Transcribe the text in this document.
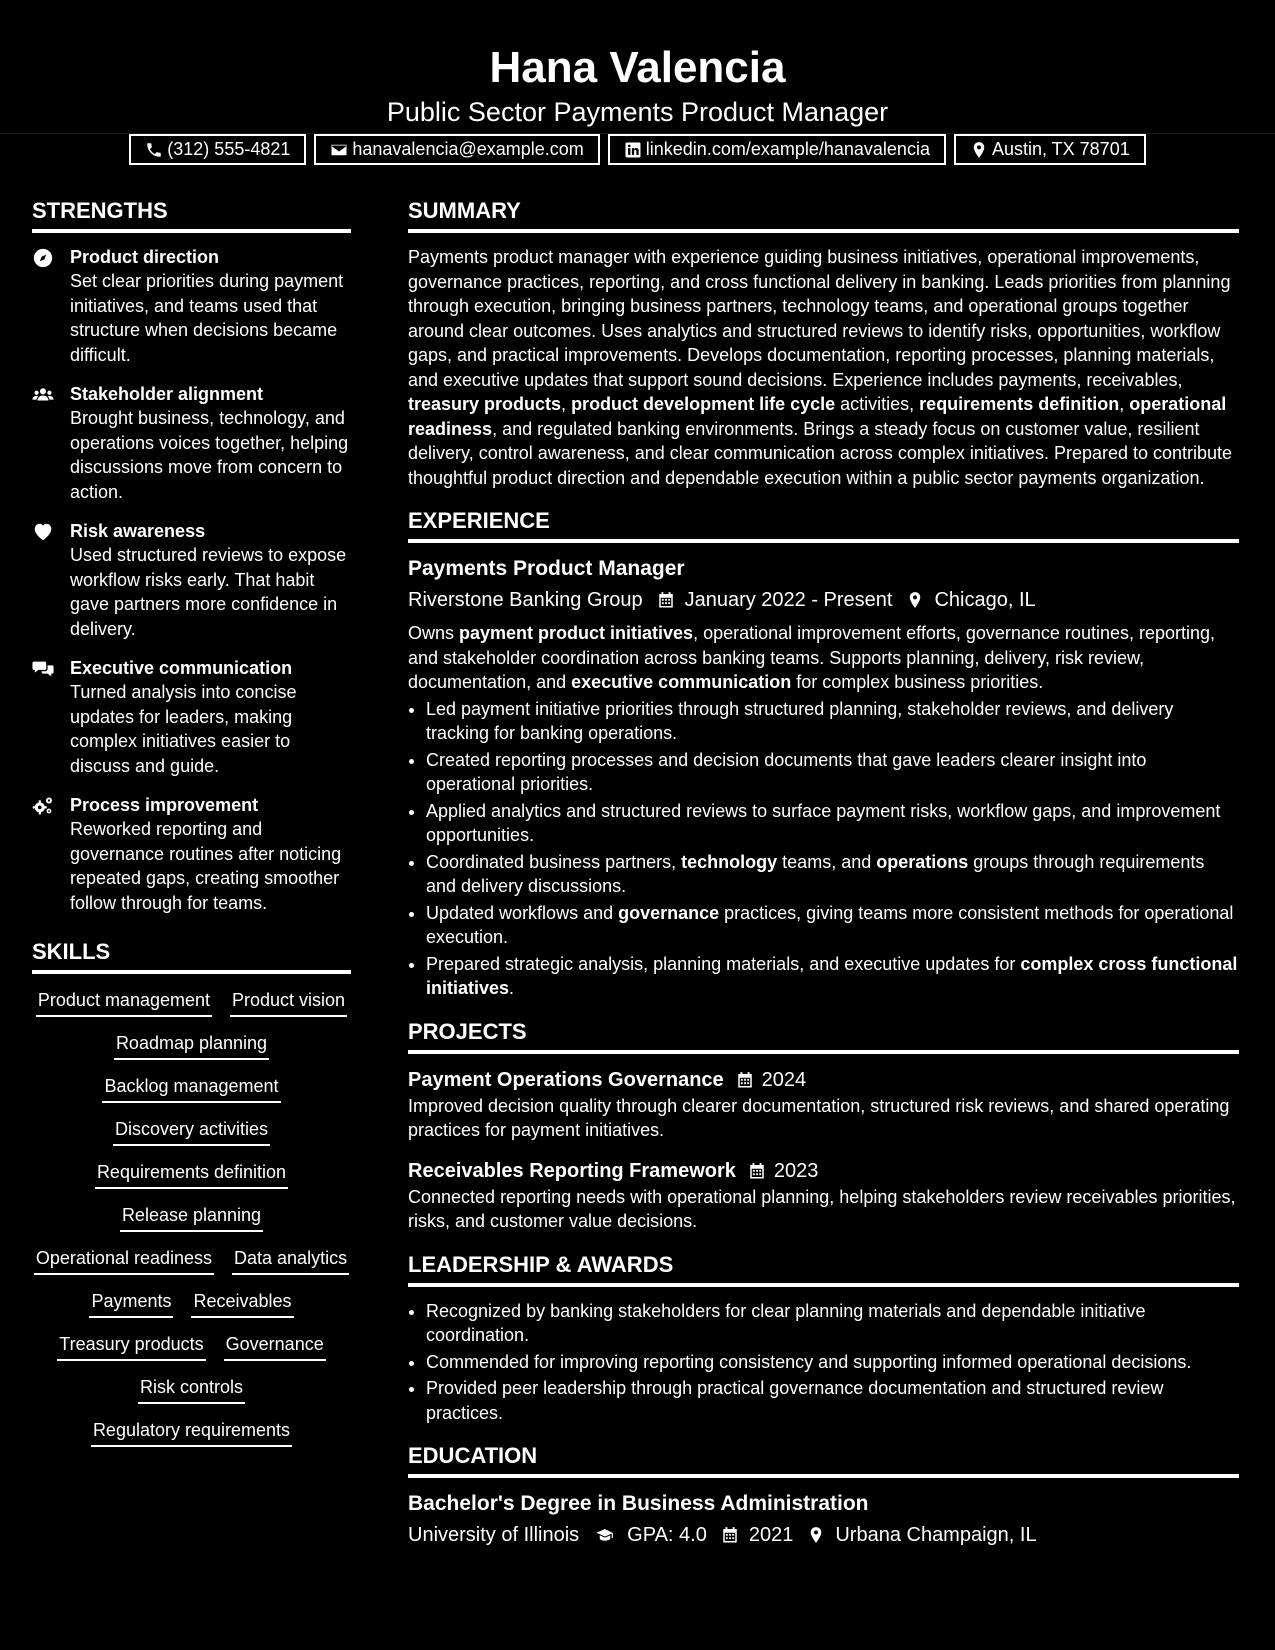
Hana Valencia
Public Sector Payments Product Manager
(312) 555-4821	hanavalencia@example.com	linkedin.com/example/hanavalencia	Austin, TX 78701
STRENGTHS
Product direction
Set clear priorities during payment initiatives, and teams used that structure when decisions became difficult.
Stakeholder alignment
Brought business, technology, and operations voices together, helping discussions move from concern to action.
Risk awareness
Used structured reviews to expose workflow risks early. That habit gave partners more confidence in delivery.
Executive communication
Turned analysis into concise updates for leaders, making complex initiatives easier to discuss and guide.
Process improvement
Reworked reporting and governance routines after noticing repeated gaps, creating smoother follow through for teams.
SKILLS
Product management Product vision
Roadmap planning
Backlog management
Discovery activities
Requirements definition
Release planning
Operational readiness Data analytics
Payments Receivables
Treasury products Governance
Risk controls
Regulatory requirements
SUMMARY

Payments product manager with experience guiding business initiatives, operational improvements, governance practices, reporting, and cross functional delivery in banking. Leads priorities from planning through execution, bringing business partners, technology teams, and operational groups together around clear outcomes. Uses analytics and structured reviews to identify risks, opportunities, workflow gaps, and practical improvements. Develops documentation, reporting processes, planning materials, and executive updates that support sound decisions. Experience includes payments, receivables, treasury products, product development life cycle activities, requirements definition, operational readiness, and regulated banking environments. Brings a steady focus on customer value, resilient delivery, control awareness, and clear communication across complex initiatives. Prepared to contribute thoughtful product direction and dependable execution within a public sector payments organization.

EXPERIENCE
Payments Product Manager
Riverstone Banking Group January 2022 - Present Chicago, IL

Owns payment product initiatives, operational improvement efforts, governance routines, reporting, and stakeholder coordination across banking teams. Supports planning, delivery, risk review, documentation, and executive communication for complex business priorities.

• Led payment initiative priorities through structured planning, stakeholder reviews, and delivery tracking for banking operations.
• Created reporting processes and decision documents that gave leaders clearer insight into operational priorities.
• Applied analytics and structured reviews to surface payment risks, workflow gaps, and improvement opportunities.
• Coordinated business partners, technology teams, and operations groups through requirements and delivery discussions.
• Updated workflows and governance practices, giving teams more consistent methods for operational execution.
• Prepared strategic analysis, planning materials, and executive updates for complex cross functional initiatives.
PROJECTS
Payment Operations Governance 2024

Improved decision quality through clearer documentation, structured risk reviews, and shared operating practices for payment initiatives.

Receivables Reporting Framework 2023

Connected reporting needs with operational planning, helping stakeholders review receivables priorities, risks, and customer value decisions.

LEADERSHIP & AWARDS
• Recognized by banking stakeholders for clear planning materials and dependable initiative coordination.
• Commended for improving reporting consistency and supporting informed operational decisions.
• Provided peer leadership through practical governance documentation and structured review practices.
EDUCATION
Bachelor's Degree in Business Administration
University of Illinois GPA: 4.0 2021 Urbana Champaign, IL
